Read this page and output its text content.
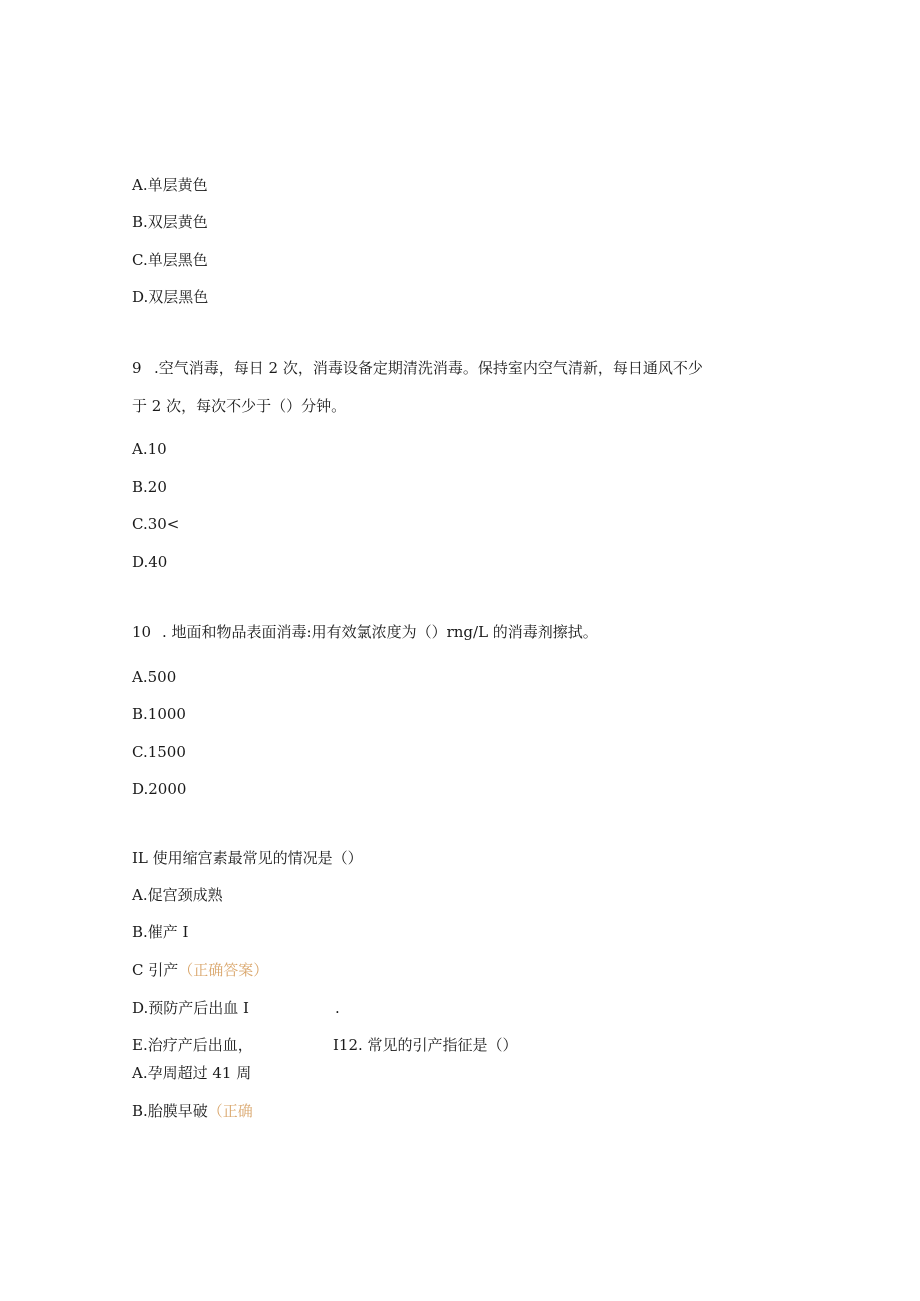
A.单层黄色
B.双层黄色
C.单层黑色
D.双层黑色
9 .空气消毒，每日 2 次，消毒设备定期清洗消毒。保持室内空气清新，每日通风不少
于 2 次，每次不少于（）分钟。
A.10
B.20
C.30<
D.40
10 . 地面和物品表面消毒:用有效氯浓度为（）rng/L 的消毒剂擦拭。
A.500
B.1000
C.1500
D.2000
IL 使用缩宫素最常见的情况是（）
A.促宫颈成熟
B.催产 I
C 引产（正确答案）
D.预防产后出血 I	.
E.治疗产后出血，	I12. 常见的引产指征是（）
A.孕周超过 41 周
B.胎膜早破（正确
